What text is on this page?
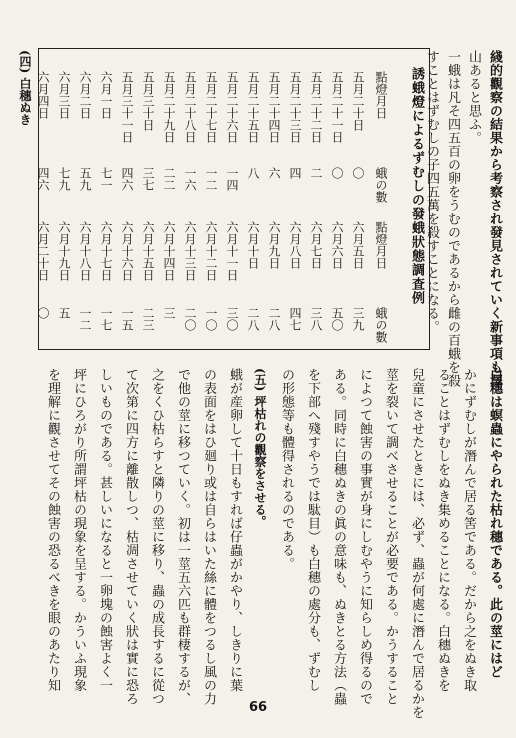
綫的觀察の結果から考察され發見されていく新事項も澤
山あると思ふ。
一蛾は凡そ四五百の卵をうむのであるから雌の百蛾を殺
すことはずむしの子四五萬を殺すことになる。
誘蛾燈によるずむしの發蛾狀態調査例
點燈月日
蛾の數
五月二十日
〇
五月二十一日
〇
五月二十二日
二
五月二十三日
四
五月二十四日
六
五月二十五日
八
五月二十六日
一四
五月二十七日
一二
五月二十八日
一六
五月二十九日
二二
五月三十日
三七
五月三十一日
四六
六月一日
七一
六月二日
五九
六月三日
七九
六月四日
四六
點燈月日
蛾の數
六月五日
三九
六月六日
五〇
六月七日
三八
六月八日
四七
六月九日
二八
六月十日
二八
六月十一日
三〇
六月十二日
一〇
六月十三日
二〇
六月十四日
三
六月十五日
二三
六月十六日
一五
六月十七日
一七
六月十八日
一二
六月十九日
五
六月二十日
〇
(四) 白穗ぬき
白穗は螟蟲にやられた枯れ穗である。此の莖にはど
かにずむしが潛んで居る筈である。だから之をぬき取
ることはずむしをぬき集めることになる。白穗ぬきを
兒童にさせたときには、必ず、蟲が何處に潛んで居るかを
莖を裂いて調べさせることが必要である。かうすること
によつて蝕害の事實が身にしむやうに知らしめ得るので
ある。同時に白穗ぬきの眞の意味も、ぬきとる方法（蟲
を下部へ殘すやうでは駄目）も白穗の處分も、ずむし
の形態等も體得されるのである。
(五) 坪枯れの觀察をさせる。
蛾が産卵して十日もすれば仔蟲がかやり、しきりに葉
の表面をはひ廻り或は自らはいた絲に體をつるし風の力
で他の莖に移つていく。初は一莖五六匹も群棲するが、
之をくひ枯らすと隣りの莖に移り、蟲の成長するに從つ
て次第に四方に離散しつ、枯凋させていく狀は實に恐ろ
しいものである。甚しいになると一卵塊の蝕害よく一
坪にひろがり所謂坪枯の現象を呈する。かういふ現象
を理解に觀させてその蝕害の恐るべきを眼のあたり知
66
